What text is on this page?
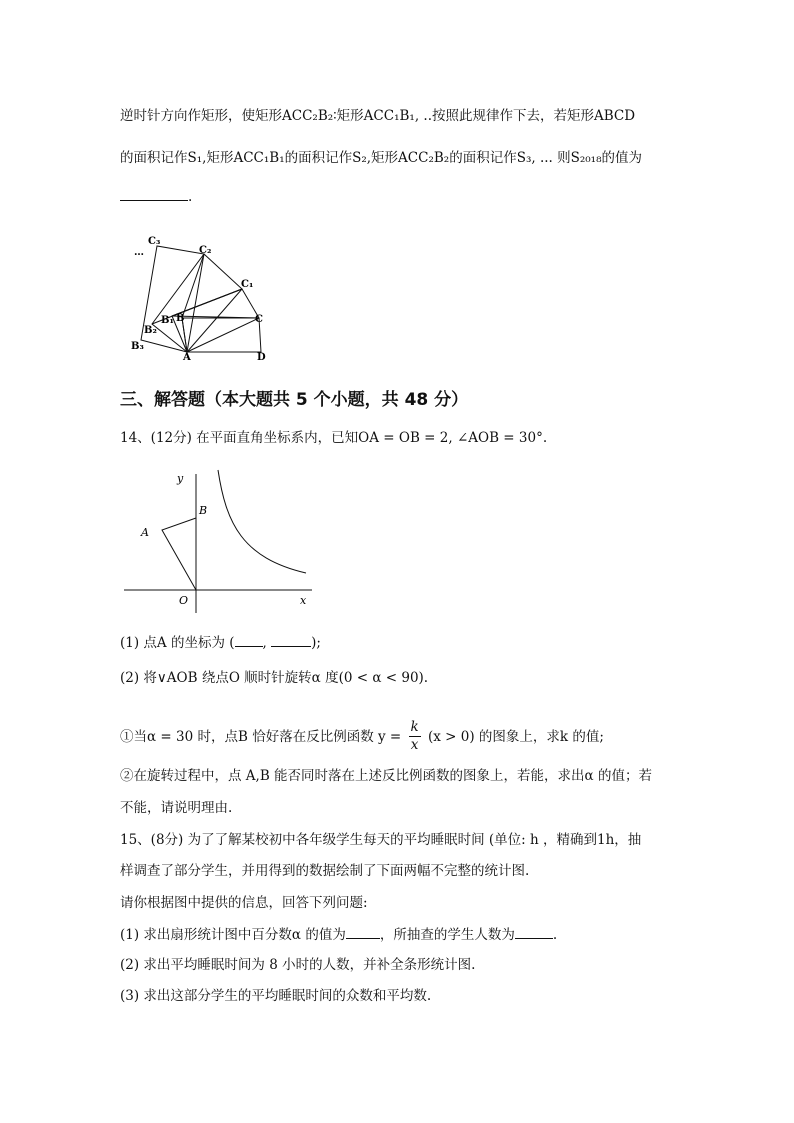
逆时针方向作矩形，使矩形ACC₂B₂∶矩形ACC₁B₁, ..按照此规律作下去，若矩形ABCD
的面积记作S₁,矩形ACC₁B₁的面积记作S₂,矩形ACC₂B₂的面积记作S₃, ... 则S₂₀₁₈的值为
.
C₃
…	C₂
C₁
C
B₁ B
B₂
B₃
A	D
三、解答题（本大题共 5 个小题，共 48 分）
14、(12分) 在平面直角坐标系内，已知OA = OB = 2, ∠AOB = 30°.
y
x
O
A
B
(1) 点A 的坐标为 ( ,	);
(2) 将∨AOB 绕点O 顺时针旋转α 度(0 < α < 90).
①当α = 30 时，点B 恰好落在反比例函数 $y = \frac{k}{x} (x > 0)$ 的图象上，求k 的值;
②在旋转过程中，点 A,B 能否同时落在上述反比例函数的图象上，若能，求出α 的值；若
不能，请说明理由.
15、(8分) 为了了解某校初中各年级学生每天的平均睡眠时间 (单位: h ，精确到1h，抽
样调查了部分学生，并用得到的数据绘制了下面两幅不完整的统计图.
请你根据图中提供的信息，回答下列问题:
(1) 求出扇形统计图中百分数α 的值为	，所抽查的学生人数为	.
(2) 求出平均睡眠时间为 8 小时的人数，并补全条形统计图.
(3) 求出这部分学生的平均睡眠时间的众数和平均数.
